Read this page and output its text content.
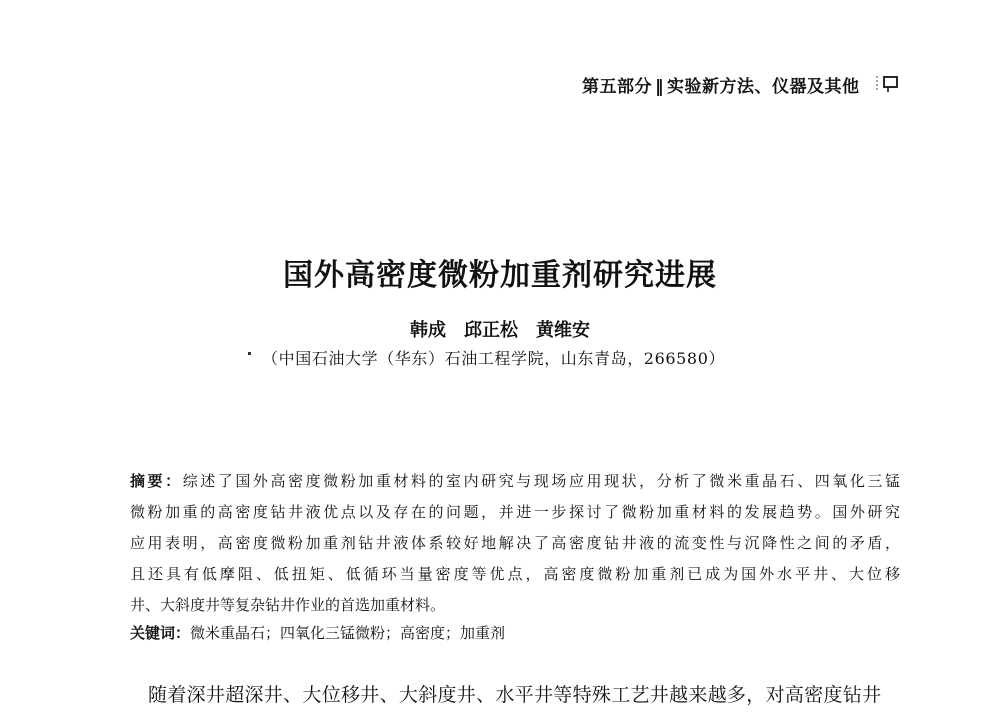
第五部分 ‖ 实验新方法、仪器及其他
国外高密度微粉加重剂研究进展
韩成　邱正松　黄维安
（中国石油大学（华东）石油工程学院，山东青岛，266580）
摘要：综述了国外高密度微粉加重材料的室内研究与现场应用现状，分析了微米重晶石、四氧化三锰
微粉加重的高密度钻井液优点以及存在的问题，并进一步探讨了微粉加重材料的发展趋势。国外研究
应用表明，高密度微粉加重剂钻井液体系较好地解决了高密度钻井液的流变性与沉降性之间的矛盾，
且还具有低摩阻、低扭矩、低循环当量密度等优点，高密度微粉加重剂已成为国外水平井、大位移
井、大斜度井等复杂钻井作业的首选加重材料。
关键词：微米重晶石；四氧化三锰微粉；高密度；加重剂
随着深井超深井、大位移井、大斜度井、水平井等特殊工艺井越来越多，对高密度钻井
